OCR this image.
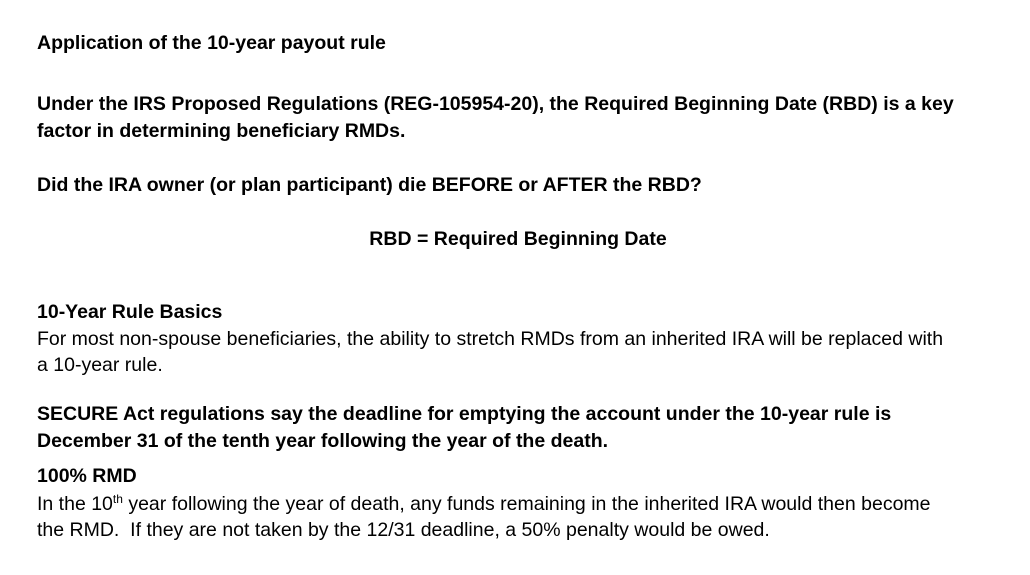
Application of the 10-year payout rule
Under the IRS Proposed Regulations (REG-105954-20), the Required Beginning Date (RBD) is a key
factor in determining beneficiary RMDs.
Did the IRA owner (or plan participant) die BEFORE or AFTER the RBD?
RBD = Required Beginning Date
10-Year Rule Basics
For most non-spouse beneficiaries, the ability to stretch RMDs from an inherited IRA will be replaced with
a 10-year rule.
SECURE Act regulations say the deadline for emptying the account under the 10-year rule is
December 31 of the tenth year following the year of the death.
100% RMD
In the 10th year following the year of death, any funds remaining in the inherited IRA would then become
the RMD.  If they are not taken by the 12/31 deadline, a 50% penalty would be owed.
